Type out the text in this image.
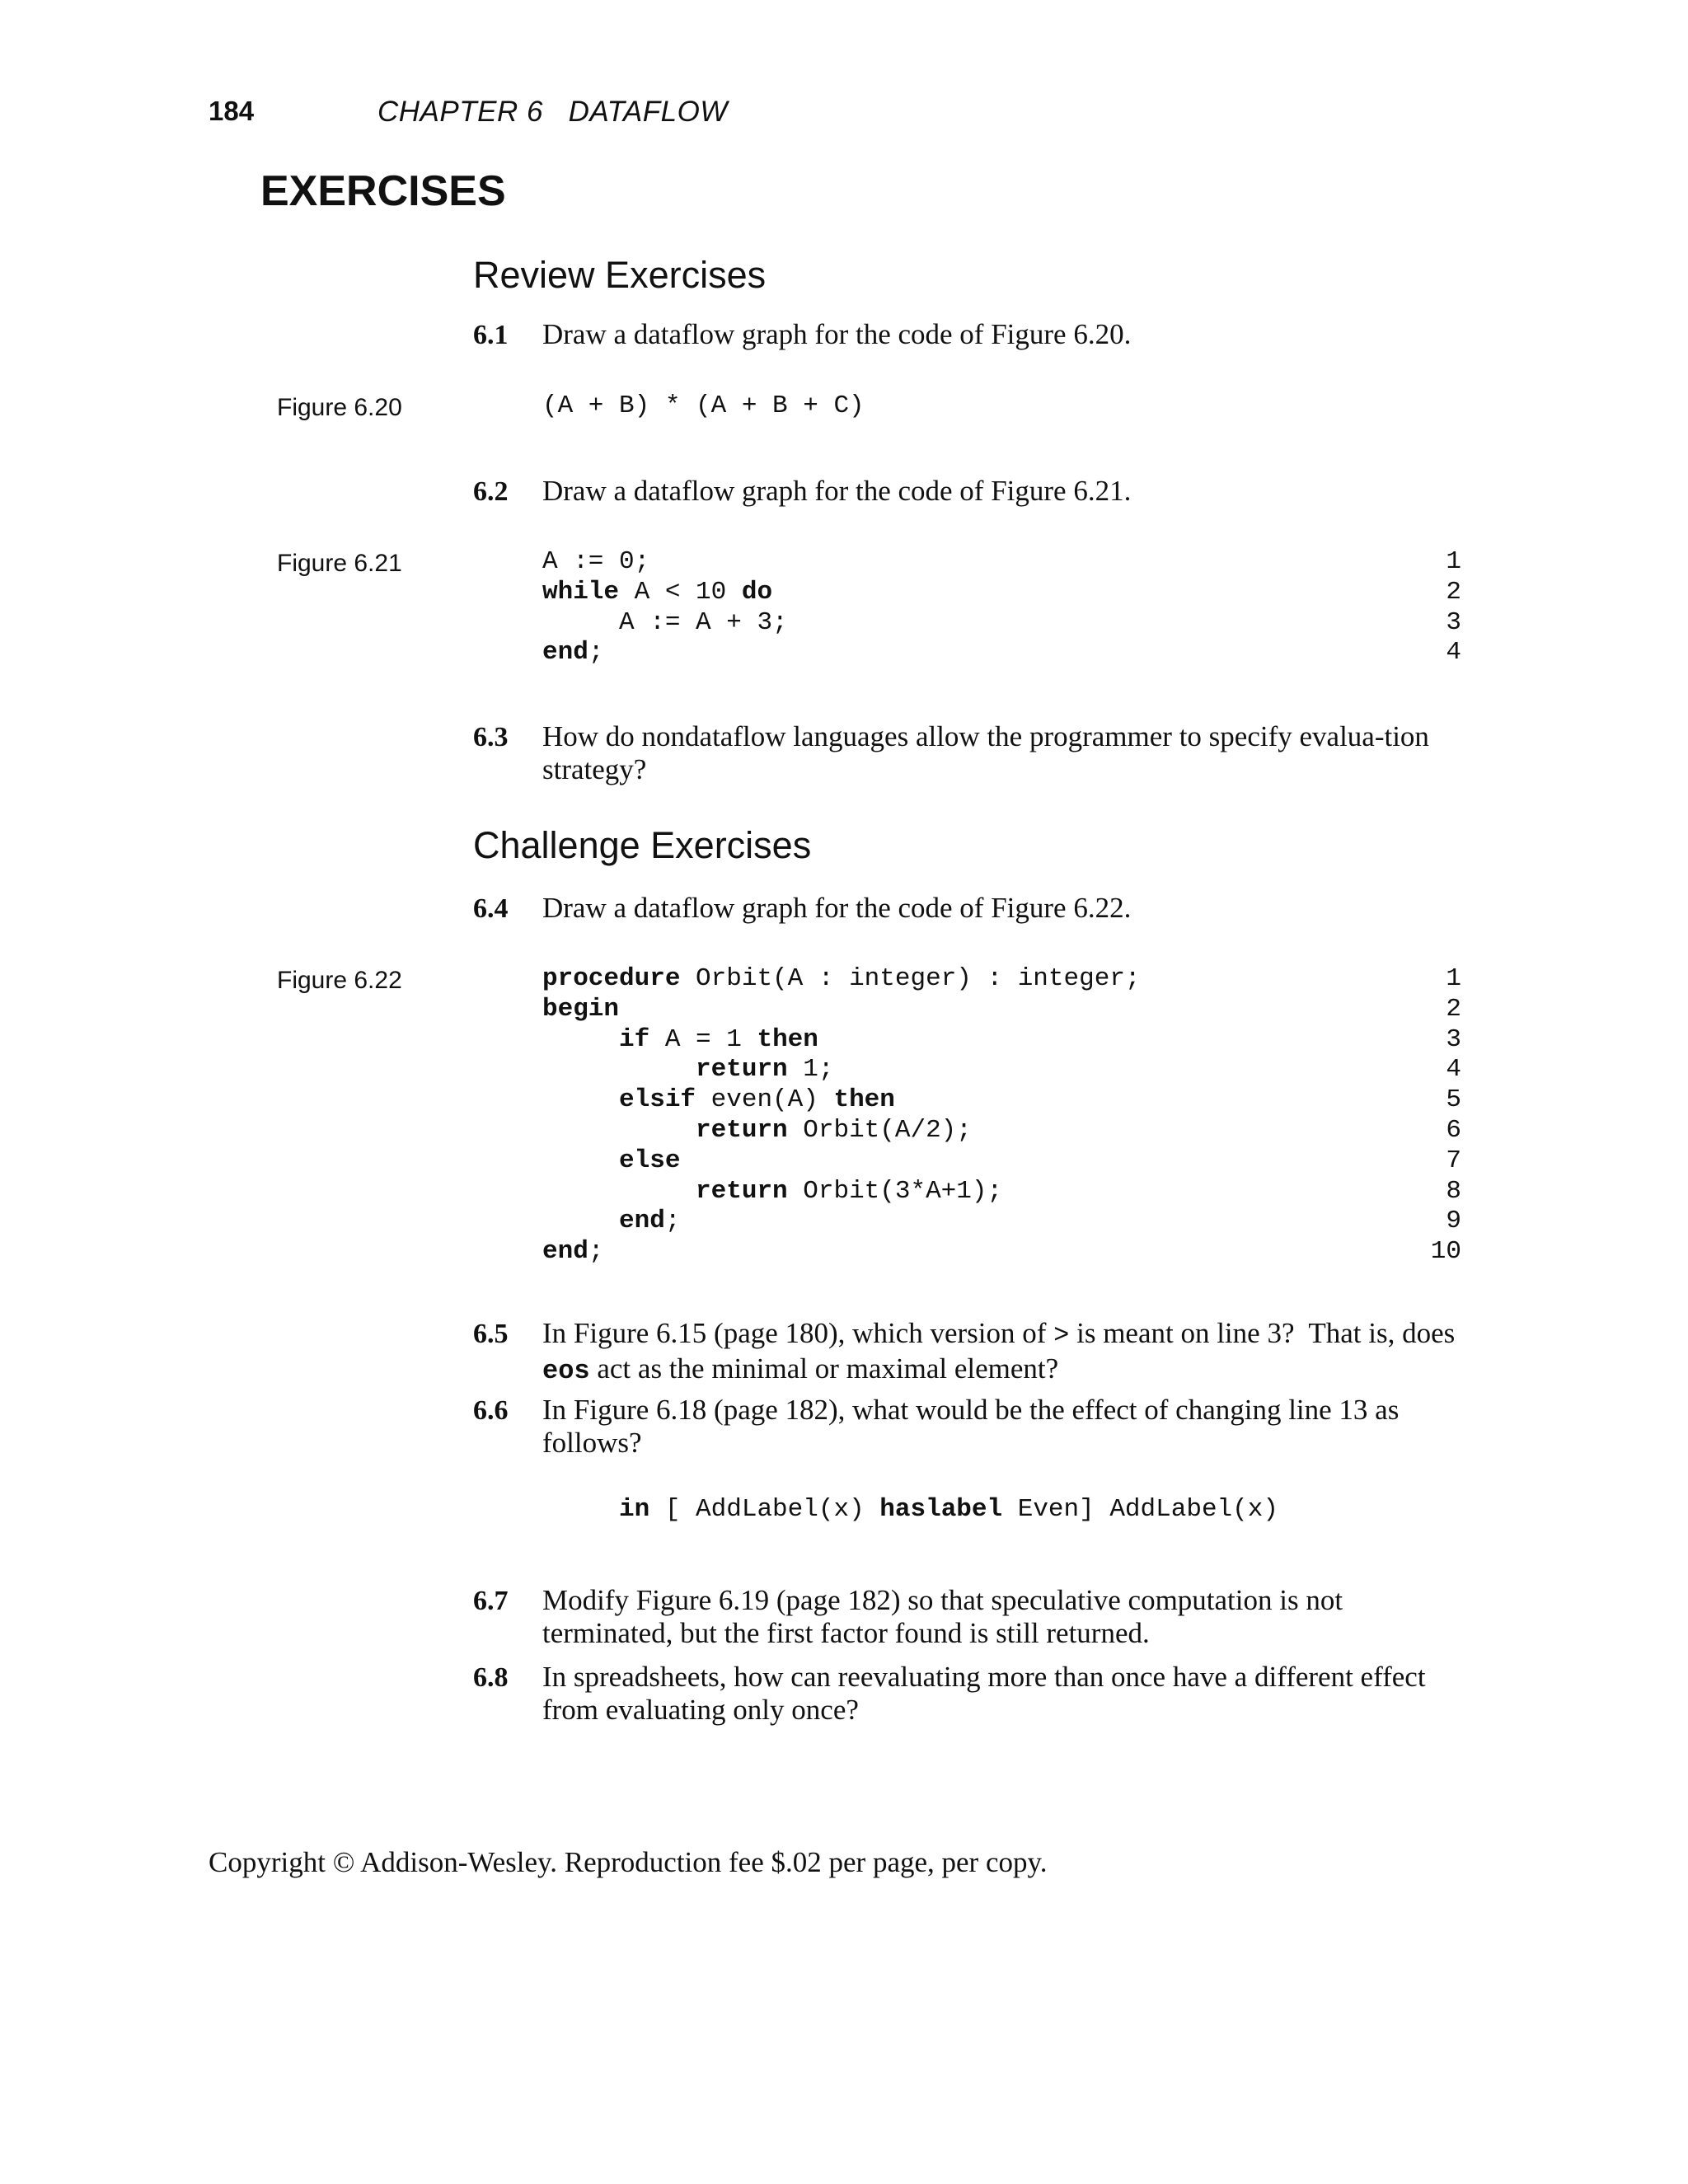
184	CHAPTER 6   DATAFLOW
EXERCISES
Review Exercises
6.1 Draw a dataflow graph for the code of Figure 6.20.
Figure 6.20	(A + B) * (A + B + C)
6.2 Draw a dataflow graph for the code of Figure 6.21.
Figure 6.21	A := 0;	1
while A < 10 do	2
A := A + 3;	3
end;	4
6.3 How do nondataflow languages allow the programmer to specify evalua-tion strategy?
Challenge Exercises
6.4 Draw a dataflow graph for the code of Figure 6.22.
Figure 6.22	procedure Orbit(A : integer) : integer;	1
begin	2
if A = 1 then	3
return 1;	4
elsif even(A) then	5
return Orbit(A/2);	6
else	7
return Orbit(3*A+1);	8
end;	9
end;	10
6.5 In Figure 6.15 (page 180), which version of > is meant on line 3?  That is, does eos act as the minimal or maximal element?
6.6 In Figure 6.18 (page 182), what would be the effect of changing line 13 as follows?
in [ AddLabel(x) haslabel Even] AddLabel(x)
6.7 Modify Figure 6.19 (page 182) so that speculative computation is not terminated, but the first factor found is still returned.
6.8 In spreadsheets, how can reevaluating more than once have a different effect from evaluating only once?
Copyright © Addison-Wesley. Reproduction fee $.02 per page, per copy.
